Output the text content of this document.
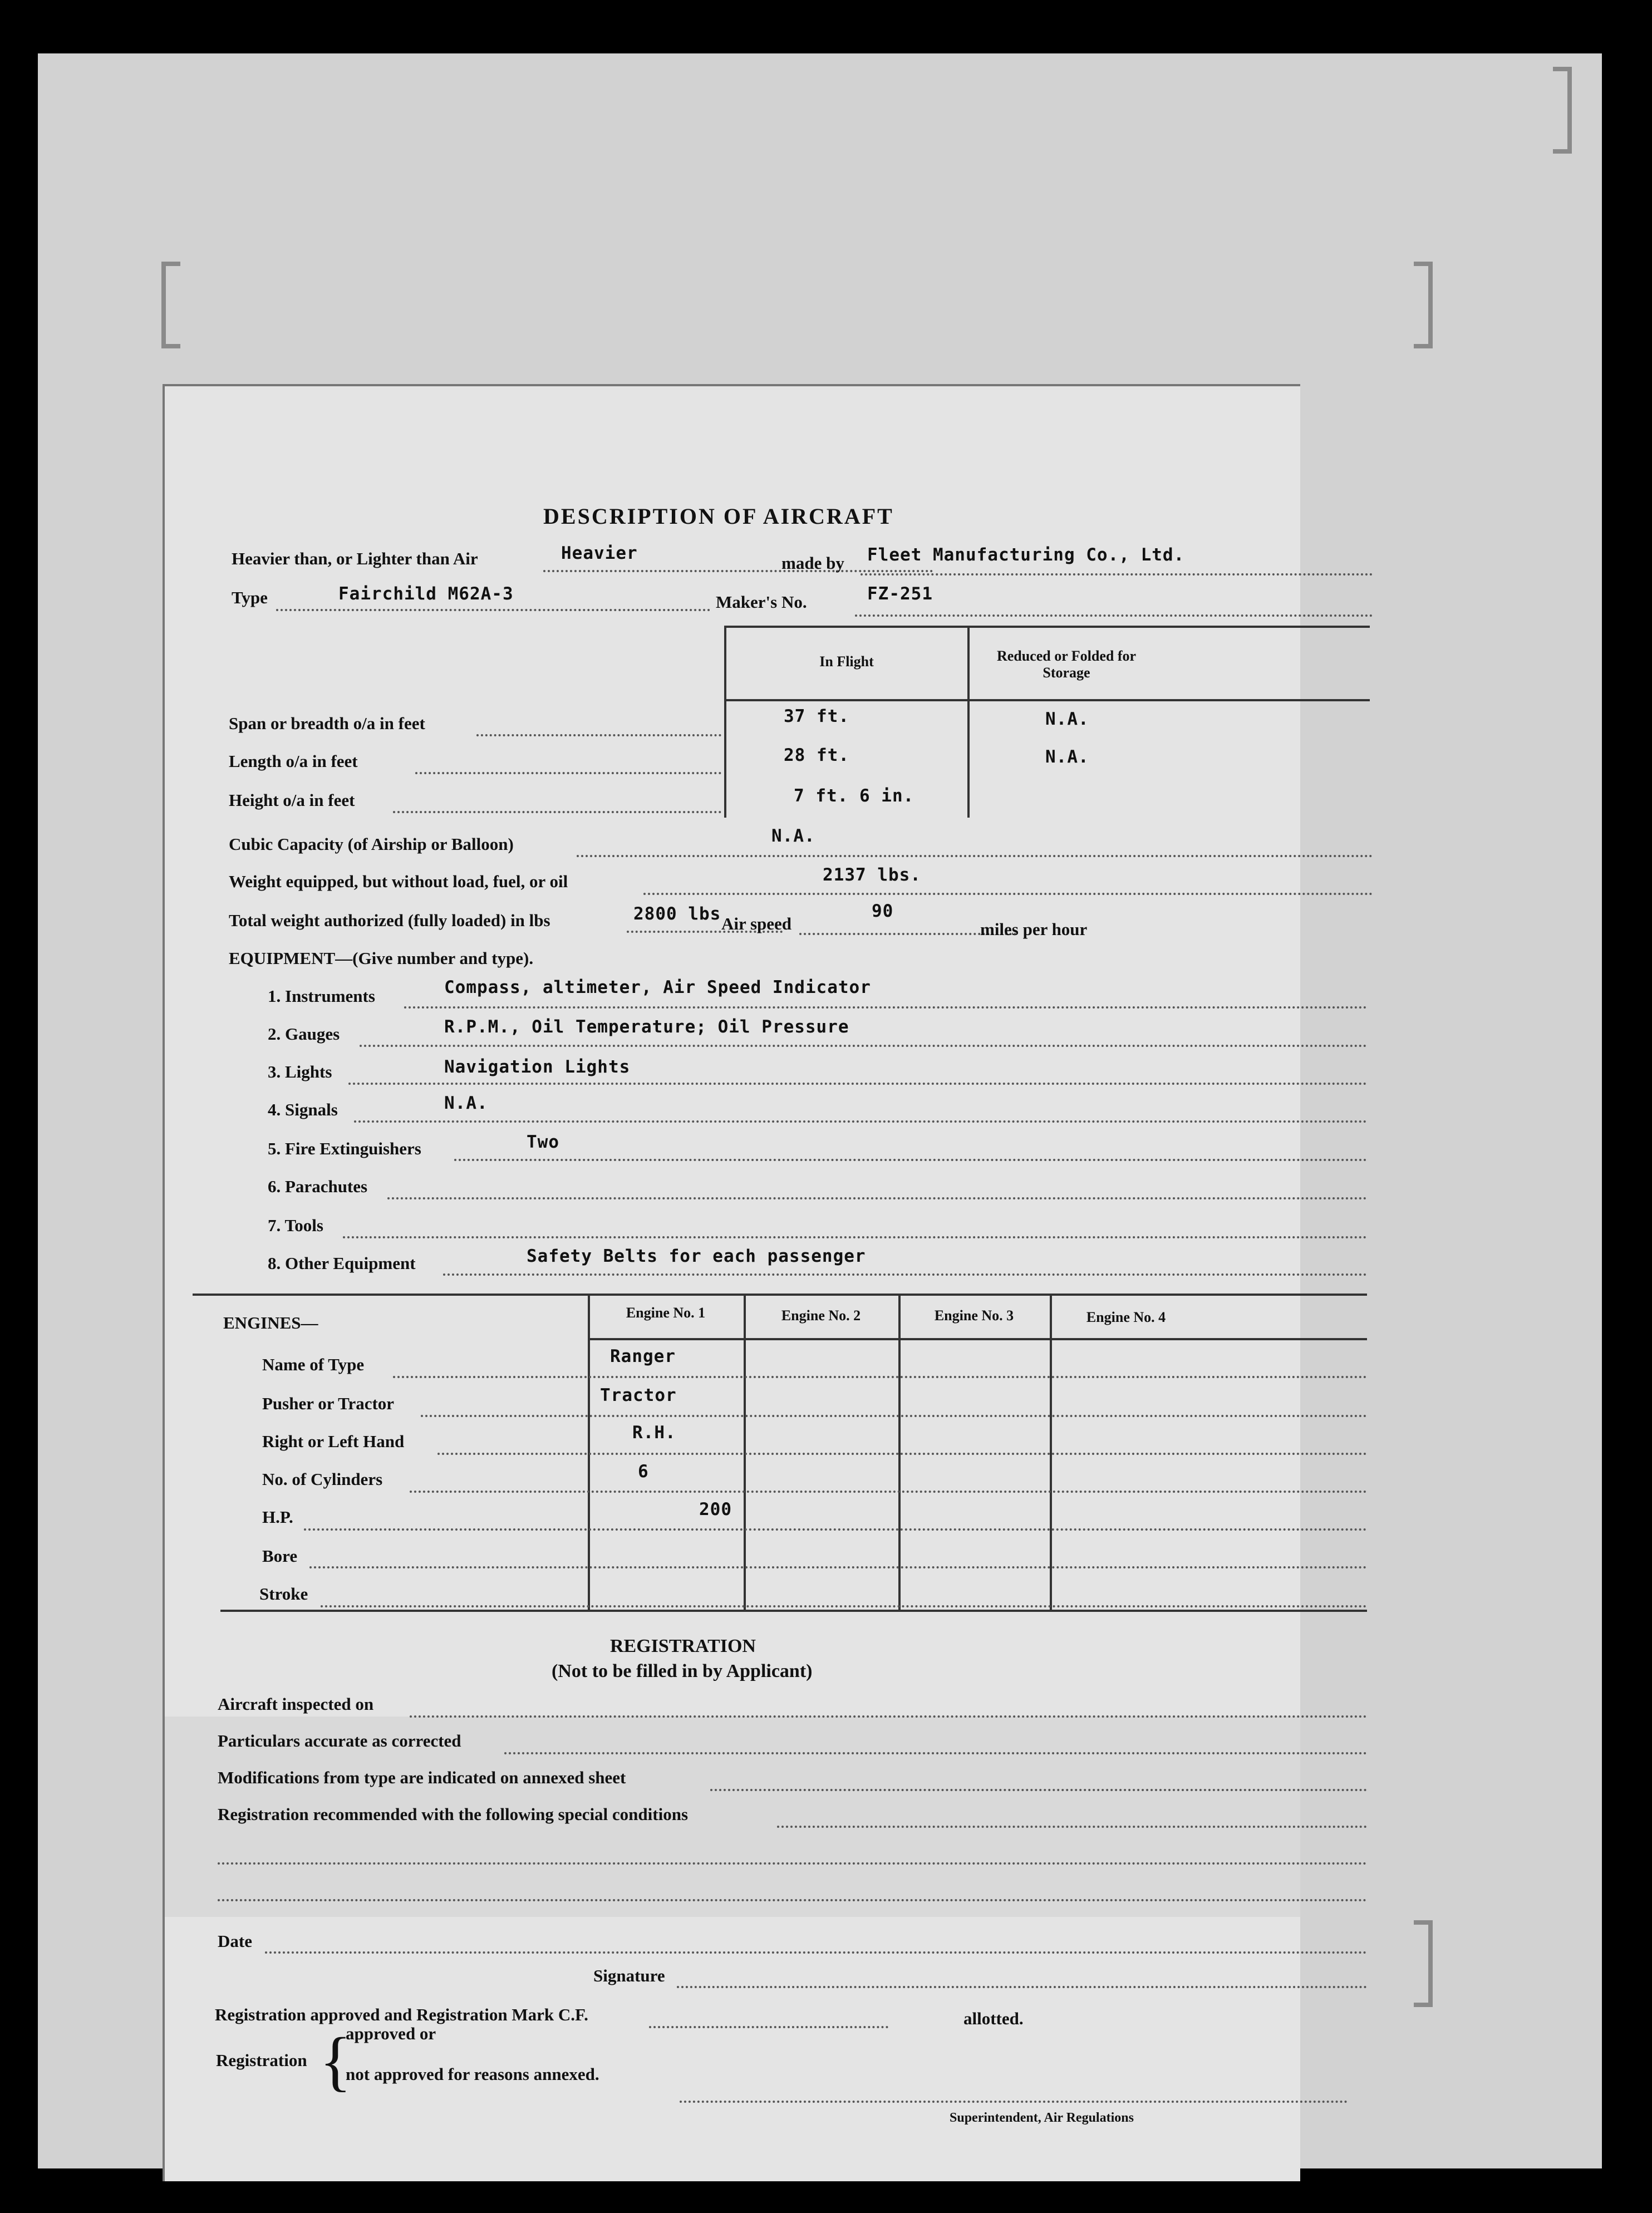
DESCRIPTION OF AIRCRAFT
Heavier than, or Lighter than Air	Heavier	made by Fleet Manufacturing Co., Ltd.
Type	Fairchild M62A-3	Maker's No.	FZ-251
In Flight	Reduced or Folded for Storage
Span or breadth o/a in feet	37 ft.	N.A.
Length o/a in feet	28 ft.	N.A.
Height o/a in feet	7 ft. 6 in.
Cubic Capacity (of Airship or Balloon)	N.A.
Weight equipped, but without load, fuel, or oil	2137 lbs.
Total weight authorized (fully loaded) in lbs	2800 lbs Air speed
90
miles per hour
EQUIPMENT—(Give number and type).
1. Instruments	Compass, altimeter, Air Speed Indicator
2. Gauges	R.P.M., Oil Temperature; Oil Pressure
3. Lights	Navigation Lights
4. Signals	N.A.
5. Fire Extinguishers	Two
6. Parachutes
7. Tools
8. Other Equipment	Safety Belts for each passenger
ENGINES—
Engine No. 1	Engine No. 2	Engine No. 3	Engine No. 4
Name of Type	Ranger
Pusher or Tractor	Tractor
Right or Left Hand	R.H.
No. of Cylinders	6
H.P.	200
Bore
Stroke
REGISTRATION
(Not to be filled in by Applicant)
Aircraft inspected on
Particulars accurate as corrected
Modifications from type are indicated on annexed sheet
Registration recommended with the following special conditions
Date
Signature
Registration approved and Registration Mark C.F.	allotted.
Registration {
approved or
not approved for reasons annexed.
Superintendent, Air Regulations
